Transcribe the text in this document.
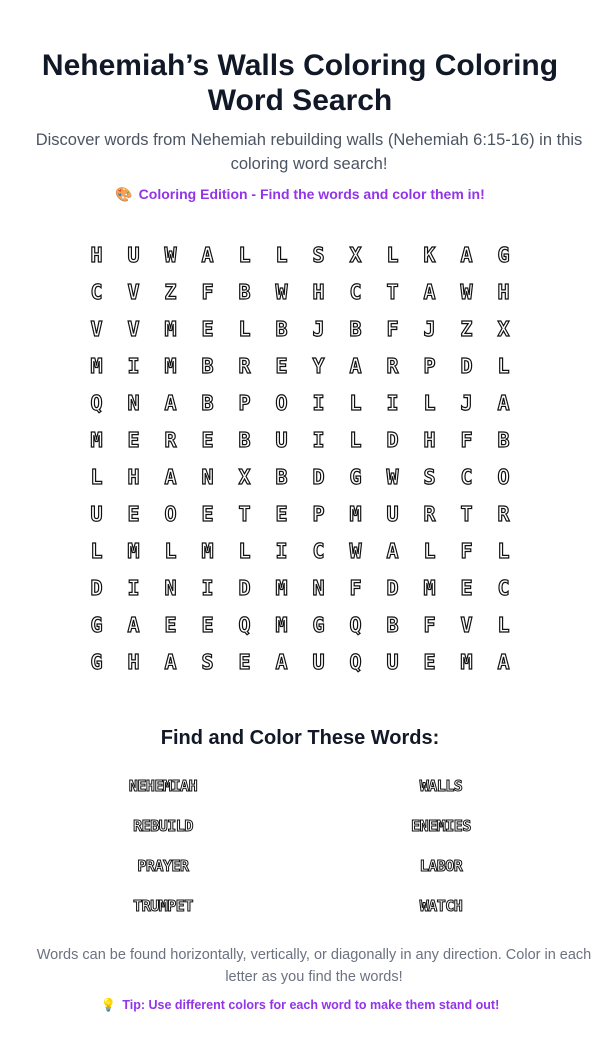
Nehemiah’s Walls Coloring Coloring Word Search
Discover words from Nehemiah rebuilding walls (Nehemiah 6:15-16) in this coloring word search!
🎨 Coloring Edition - Find the words and color them in!
H	U	W	A	L	L	S	X	L	K	A	G
C	V	Z	F	B	W	H	C	T	A	W	H
V	V	M	E	L	B	J	B	F	J	Z	X
M	I	M	B	R	E	Y	A	R	P	D	L
Q	N	A	B	P	O	I	L	I	L	J	A
M	E	R	E	B	U	I	L	D	H	F	B
L	H	A	N	X	B	D	G	W	S	C	O
U	E	O	E	T	E	P	M	U	R	T	R
L	M	L	M	L	I	C	W	A	L	F	L
D	I	N	I	D	M	N	F	D	M	E	C
G	A	E	E	Q	M	G	Q	B	F	V	L
G	H	A	S	E	A	U	Q	U	E	M	A
Find and Color These Words:
NEHEMIAH	WALLS
REBUILD	ENEMIES
PRAYER	LABOR
TRUMPET	WATCH
Words can be found horizontally, vertically, or diagonally in any direction. Color in each letter as you find the words!
💡 Tip: Use different colors for each word to make them stand out!
